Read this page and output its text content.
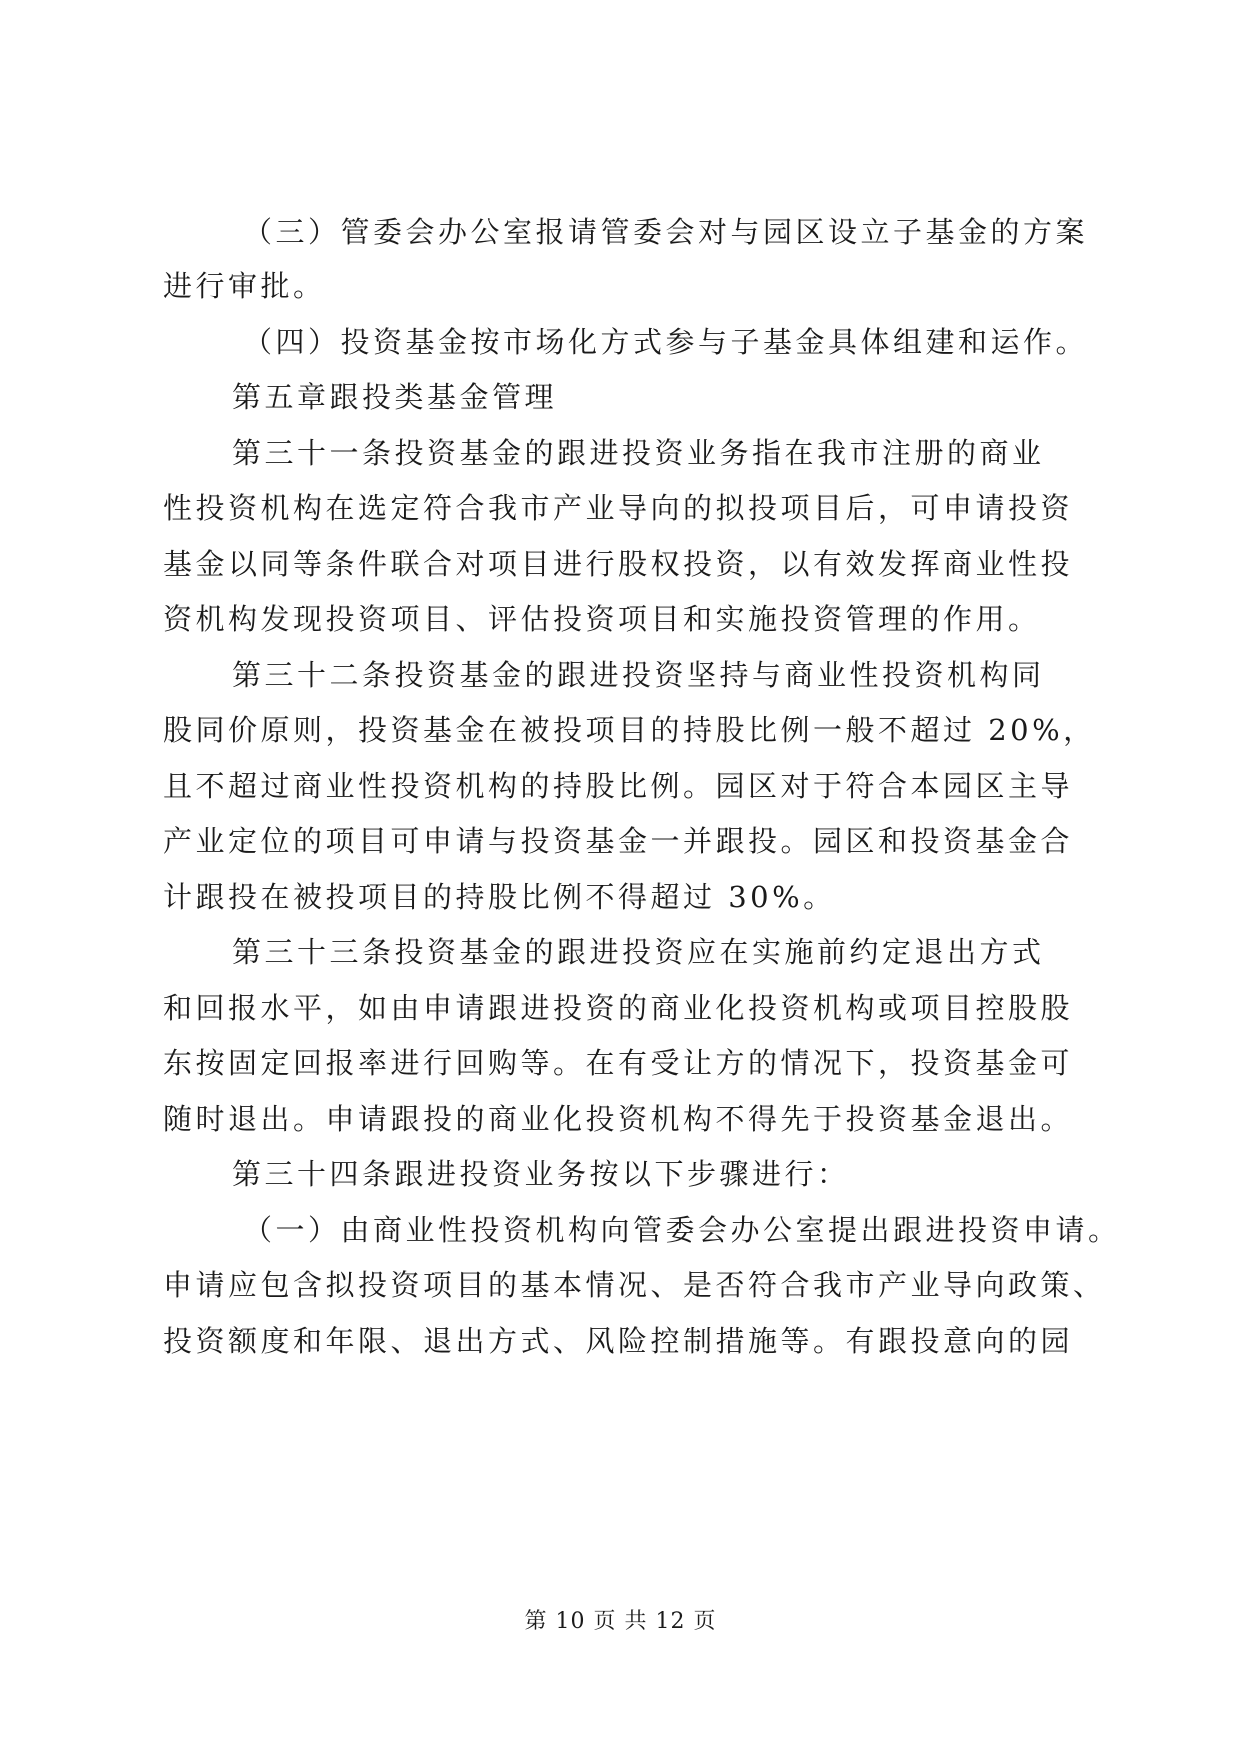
（三）管委会办公室报请管委会对与园区设立子基金的方案
进行审批。
（四）投资基金按市场化方式参与子基金具体组建和运作。
第五章跟投类基金管理
第三十一条投资基金的跟进投资业务指在我市注册的商业
性投资机构在选定符合我市产业导向的拟投项目后，可申请投资
基金以同等条件联合对项目进行股权投资，以有效发挥商业性投
资机构发现投资项目、评估投资项目和实施投资管理的作用。
第三十二条投资基金的跟进投资坚持与商业性投资机构同
股同价原则，投资基金在被投项目的持股比例一般不超过 20%，
且不超过商业性投资机构的持股比例。园区对于符合本园区主导
产业定位的项目可申请与投资基金一并跟投。园区和投资基金合
计跟投在被投项目的持股比例不得超过 30%。
第三十三条投资基金的跟进投资应在实施前约定退出方式
和回报水平，如由申请跟进投资的商业化投资机构或项目控股股
东按固定回报率进行回购等。在有受让方的情况下，投资基金可
随时退出。申请跟投的商业化投资机构不得先于投资基金退出。
第三十四条跟进投资业务按以下步骤进行：
（一）由商业性投资机构向管委会办公室提出跟进投资申请。
申请应包含拟投资项目的基本情况、是否符合我市产业导向政策、
投资额度和年限、退出方式、风险控制措施等。有跟投意向的园
第 10 页 共 12 页
